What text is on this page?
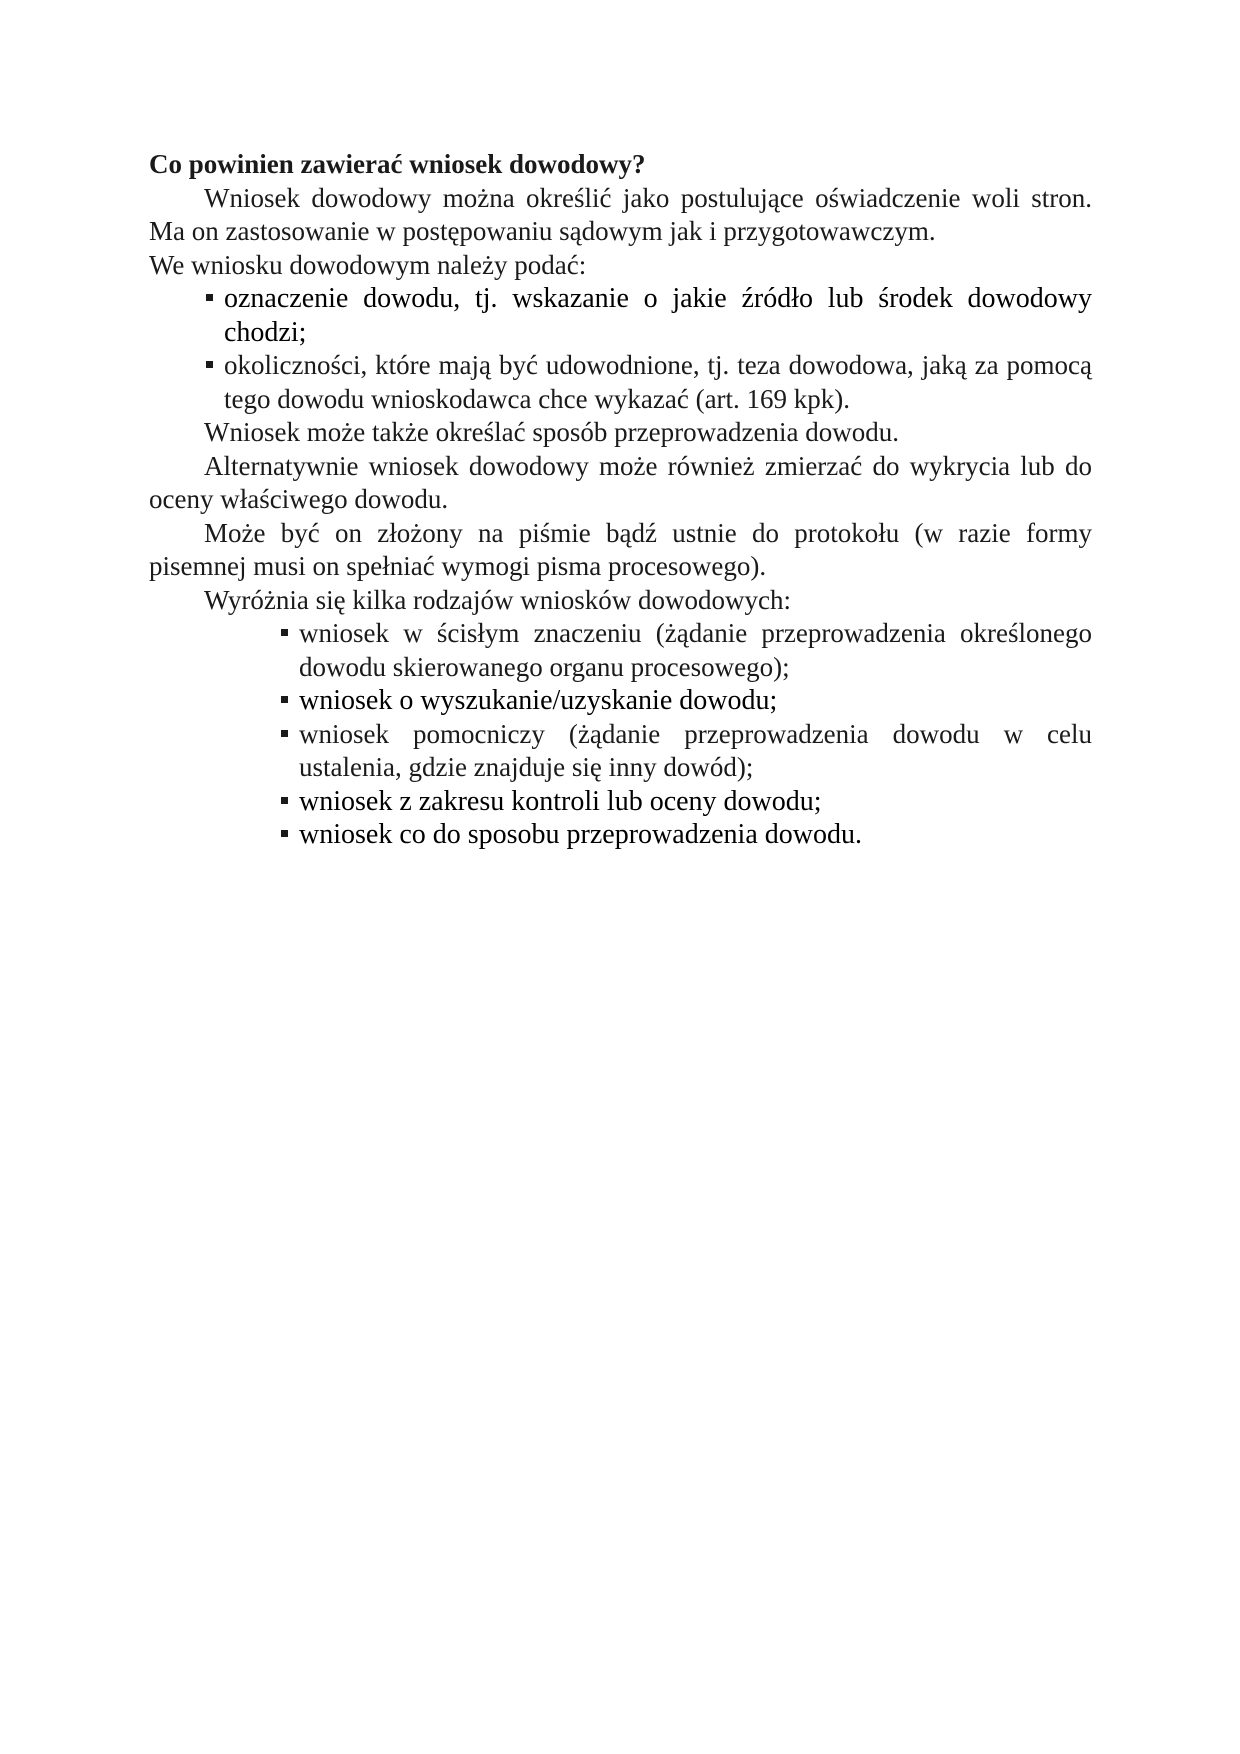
Co powinien zawierać wniosek dowodowy?

Wniosek dowodowy można określić jako postulujące oświadczenie woli stron. Ma on zastosowanie w postępowaniu sądowym jak i przygotowawczym.

We wniosku dowodowym należy podać:

oznaczenie dowodu, tj. wskazanie o jakie źródło lub środek dowodowy chodzi;
okoliczności, które mają być udowodnione, tj. teza dowodowa, jaką za pomocą tego dowodu wnioskodawca chce wykazać (art. 169 kpk).

Wniosek może także określać sposób przeprowadzenia dowodu.

Alternatywnie wniosek dowodowy może również zmierzać do wykrycia lub do oceny właściwego dowodu.

Może być on złożony na piśmie bądź ustnie do protokołu (w razie formy pisemnej musi on spełniać wymogi pisma procesowego).

Wyróżnia się kilka rodzajów wniosków dowodowych:

wniosek w ścisłym znaczeniu (żądanie przeprowadzenia określonego dowodu skierowanego organu procesowego);
wniosek o wyszukanie/uzyskanie dowodu;
wniosek pomocniczy (żądanie przeprowadzenia dowodu w celu ustalenia, gdzie znajduje się inny dowód);
wniosek z zakresu kontroli lub oceny dowodu;
wniosek co do sposobu przeprowadzenia dowodu.
